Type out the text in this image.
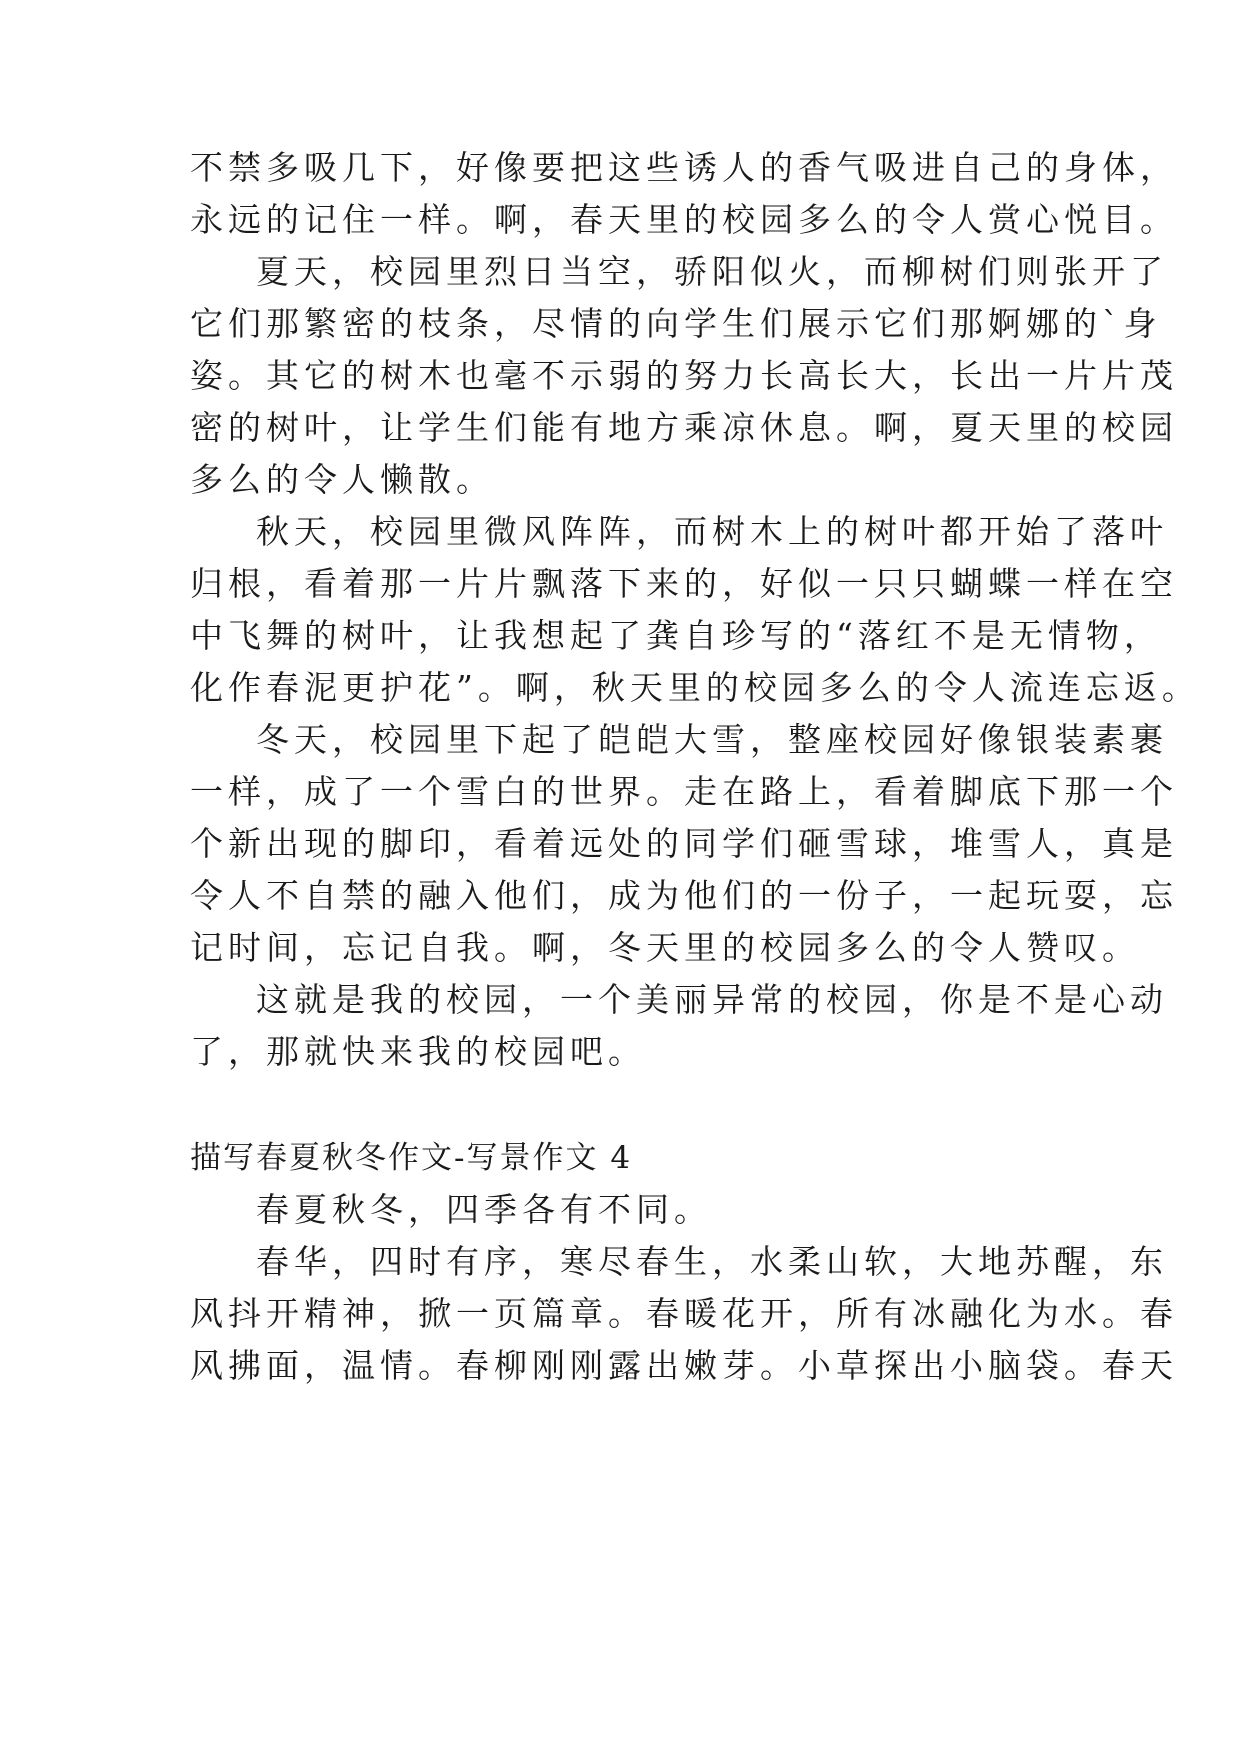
不禁多吸几下，好像要把这些诱人的香气吸进自己的身体，
永远的记住一样。啊，春天里的校园多么的令人赏心悦目。
夏天，校园里烈日当空，骄阳似火，而柳树们则张开了
它们那繁密的枝条，尽情的向学生们展示它们那婀娜的`身
姿。其它的树木也毫不示弱的努力长高长大，长出一片片茂
密的树叶，让学生们能有地方乘凉休息。啊，夏天里的校园
多么的令人懒散。
秋天，校园里微风阵阵，而树木上的树叶都开始了落叶
归根，看着那一片片飘落下来的，好似一只只蝴蝶一样在空
中飞舞的树叶，让我想起了龚自珍写的“落红不是无情物，
化作春泥更护花”。啊，秋天里的校园多么的令人流连忘返。
冬天，校园里下起了皑皑大雪，整座校园好像银装素裹
一样，成了一个雪白的世界。走在路上，看着脚底下那一个
个新出现的脚印，看着远处的同学们砸雪球，堆雪人，真是
令人不自禁的融入他们，成为他们的一份子，一起玩耍，忘
记时间，忘记自我。啊，冬天里的校园多么的令人赞叹。
这就是我的校园，一个美丽异常的校园，你是不是心动
了，那就快来我的校园吧。
描写春夏秋冬作文-写景作文 4
春夏秋冬，四季各有不同。
春华，四时有序，寒尽春生，水柔山软，大地苏醒，东
风抖开精神，掀一页篇章。春暖花开，所有冰融化为水。春
风拂面，温情。春柳刚刚露出嫩芽。小草探出小脑袋。春天
